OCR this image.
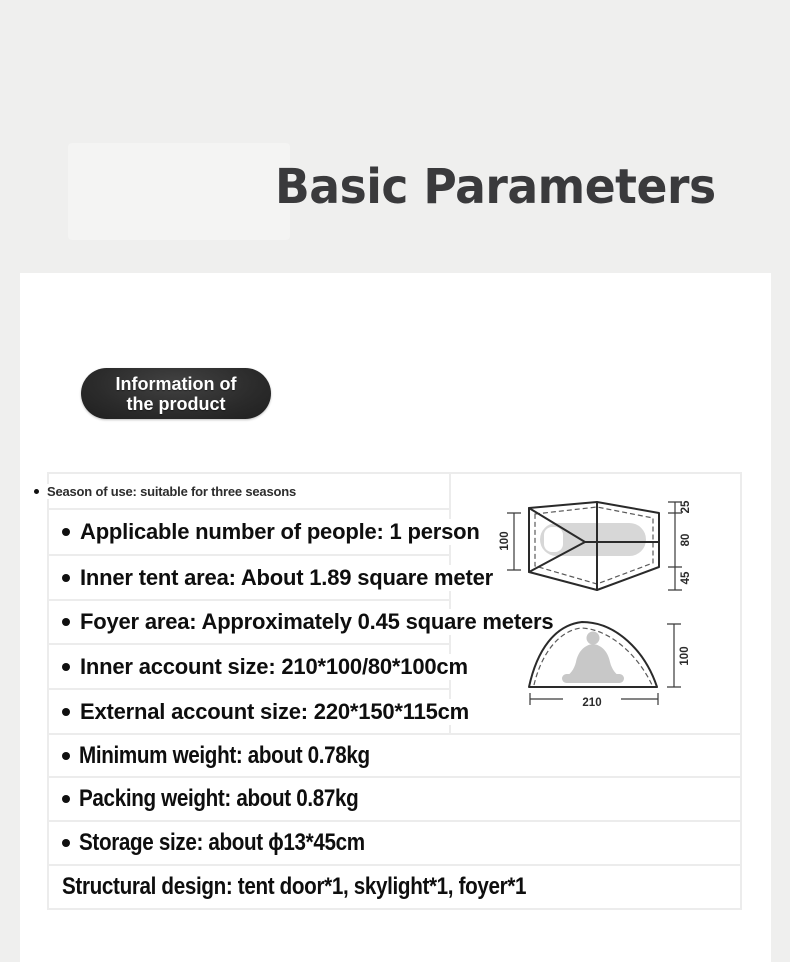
Basic Parameters
Information of
the product
Season of use: suitable for three seasons
Applicable number of people: 1 person
Inner tent area: About 1.89 square meter
Foyer area: Approximately 0.45 square meters
Inner account size: 210*100/80*100cm
External account size: 220*150*115cm
Minimum weight: about 0.78kg
Packing weight: about 0.87kg
Storage size: about ϕ13*45cm
Structural design: tent door*1, skylight*1, foyer*1
100
25
80
45
100
210
